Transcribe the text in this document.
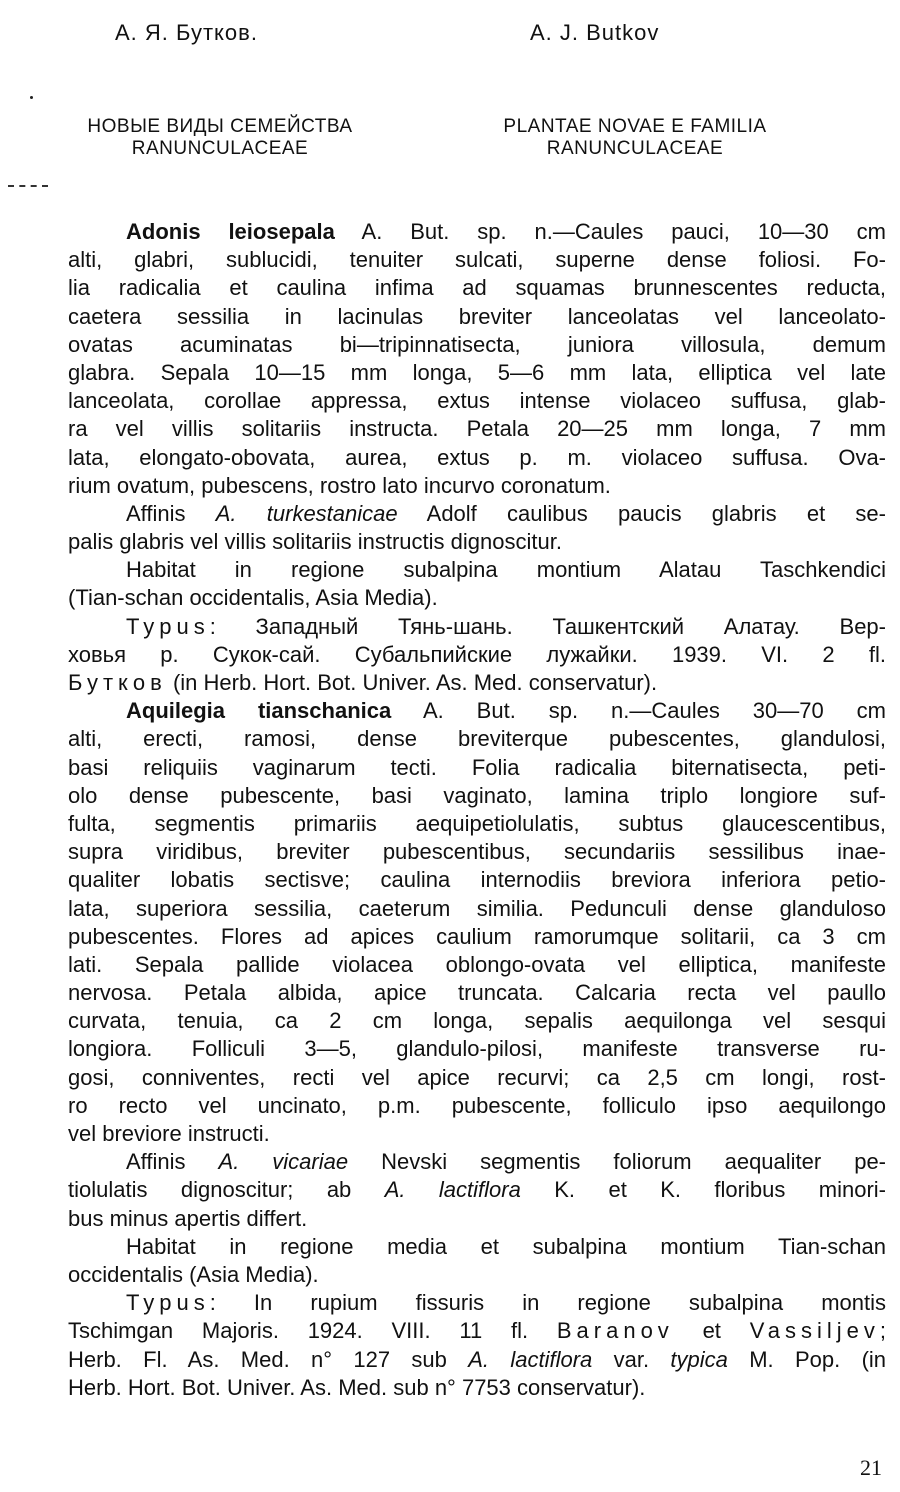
А. Я. Бутков.	A. J. Butkov
НОВЫЕ ВИДЫ СЕМЕЙСТВА
RANUNCULACEAE
PLANTAE NOVAE E FAMILIA
RANUNCULACEAE
Adonis leiosepala A. But. sp. n.—Caules pauci, 10—30 cm
alti, glabri, sublucidi, tenuiter sulcati, superne dense foliosi. Fo-
lia radicalia et caulina infima ad squamas brunnescentes reducta,
caetera sessilia in lacinulas breviter lanceolatas vel lanceolato-
ovatas acuminatas bi—tripinnatisecta, juniora villosula, demum
glabra. Sepala 10—15 mm longa, 5—6 mm lata, elliptica vel late
lanceolata, corollae appressa, extus intense violaceo suffusa, glab-
ra vel villis solitariis instructa. Petala 20—25 mm longa, 7 mm
lata, elongato-obovata, aurea, extus p. m. violaceo suffusa. Ova-
rium ovatum, pubescens, rostro lato incurvo coronatum.
Affinis A. turkestanicae Adolf caulibus paucis glabris et se-
palis glabris vel villis solitariis instructis dignoscitur.
Habitat in regione subalpina montium Alatau Taschkendici
(Tian-schan occidentalis, Asia Media).
Typus: Западный Тянь-шань. Ташкентский Алатау. Вер-
ховья р. Сукок-сай. Субальпийские лужайки. 1939. VI. 2 fl.
Бутков (in Herb. Hort. Bot. Univer. As. Med. conservatur).
Aquilegia tianschanica A. But. sp. n.—Caules 30—70 cm
alti, erecti, ramosi, dense breviterque pubescentes, glandulosi,
basi reliquiis vaginarum tecti. Folia radicalia biternatisecta, peti-
olo dense pubescente, basi vaginato, lamina triplo longiore suf-
fulta, segmentis primariis aequipetiolulatis, subtus glaucescentibus,
supra viridibus, breviter pubescentibus, secundariis sessilibus inae-
qualiter lobatis sectisve; caulina internodiis breviora inferiora petio-
lata, superiora sessilia, caeterum similia. Pedunculi dense glanduloso
pubescentes. Flores ad apices caulium ramorumque solitarii, ca 3 cm
lati. Sepala pallide violacea oblongo-ovata vel elliptica, manifeste
nervosa. Petala albida, apice truncata. Calcaria recta vel paullo
curvata, tenuia, ca 2 cm longa, sepalis aequilonga vel sesqui
longiora. Folliculi 3—5, glandulo-pilosi, manifeste transverse ru-
gosi, conniventes, recti vel apice recurvi; ca 2,5 cm longi, rost-
ro recto vel uncinato, p.m. pubescente, folliculo ipso aequilongo
vel breviore instructi.
Affinis A. vicariae Nevski segmentis foliorum aequaliter pe-
tiolulatis dignoscitur; ab A. lactiflora K. et K. floribus minori-
bus minus apertis differt.
Habitat in regione media et subalpina montium Tian-schan
occidentalis (Asia Media).
Typus: In rupium fissuris in regione subalpina montis
Tschimgan Majoris. 1924. VIII. 11 fl. Baranov et Vassiljev;
Herb. Fl. As. Med. n° 127 sub A. lactiflora var. typica M. Pop. (in
Herb. Hort. Bot. Univer. As. Med. sub n° 7753 conservatur).
21
